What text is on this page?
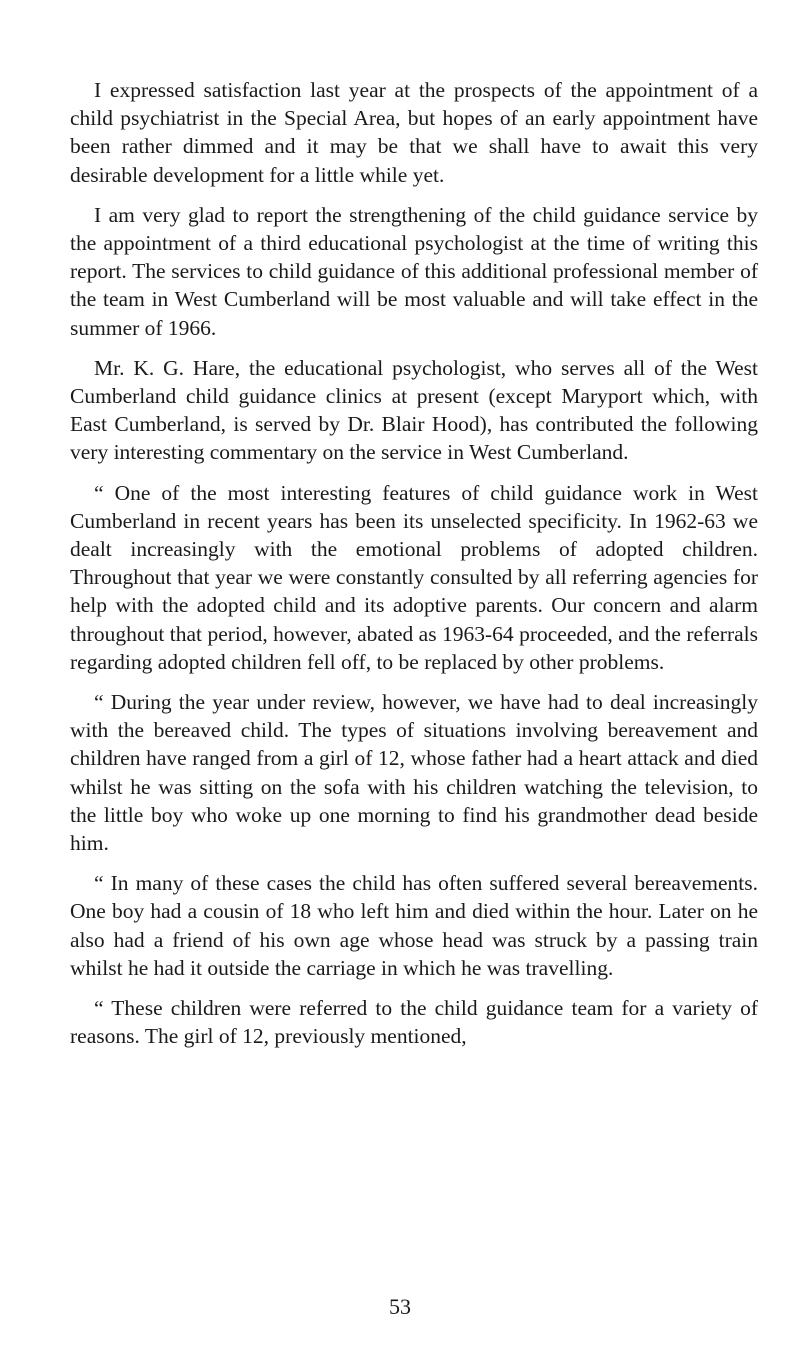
I expressed satisfaction last year at the prospects of the appointment of a child psychiatrist in the Special Area, but hopes of an early appointment have been rather dimmed and it may be that we shall have to await this very desirable development for a little while yet.

I am very glad to report the strengthening of the child guidance service by the appointment of a third educational psychologist at the time of writing this report. The services to child guidance of this additional professional member of the team in West Cumberland will be most valuable and will take effect in the summer of 1966.

Mr. K. G. Hare, the educational psychologist, who serves all of the West Cumberland child guidance clinics at present (except Maryport which, with East Cumberland, is served by Dr. Blair Hood), has contributed the following very interesting commentary on the service in West Cumberland.

“ One of the most interesting features of child guidance work in West Cumberland in recent years has been its unselected specificity. In 1962-63 we dealt increasingly with the emotional problems of adopted children. Throughout that year we were constantly consulted by all referring agencies for help with the adopted child and its adoptive parents. Our concern and alarm throughout that period, however, abated as 1963-64 proceeded, and the referrals regarding adopted children fell off, to be replaced by other problems.

“ During the year under review, however, we have had to deal increasingly with the bereaved child. The types of situations involving bereavement and children have ranged from a girl of 12, whose father had a heart attack and died whilst he was sitting on the sofa with his children watching the television, to the little boy who woke up one morning to find his grandmother dead beside him.

“ In many of these cases the child has often suffered several bereavements. One boy had a cousin of 18 who left him and died within the hour. Later on he also had a friend of his own age whose head was struck by a passing train whilst he had it outside the carriage in which he was travelling.

“ These children were referred to the child guidance team for a variety of reasons. The girl of 12, previously mentioned,

53
